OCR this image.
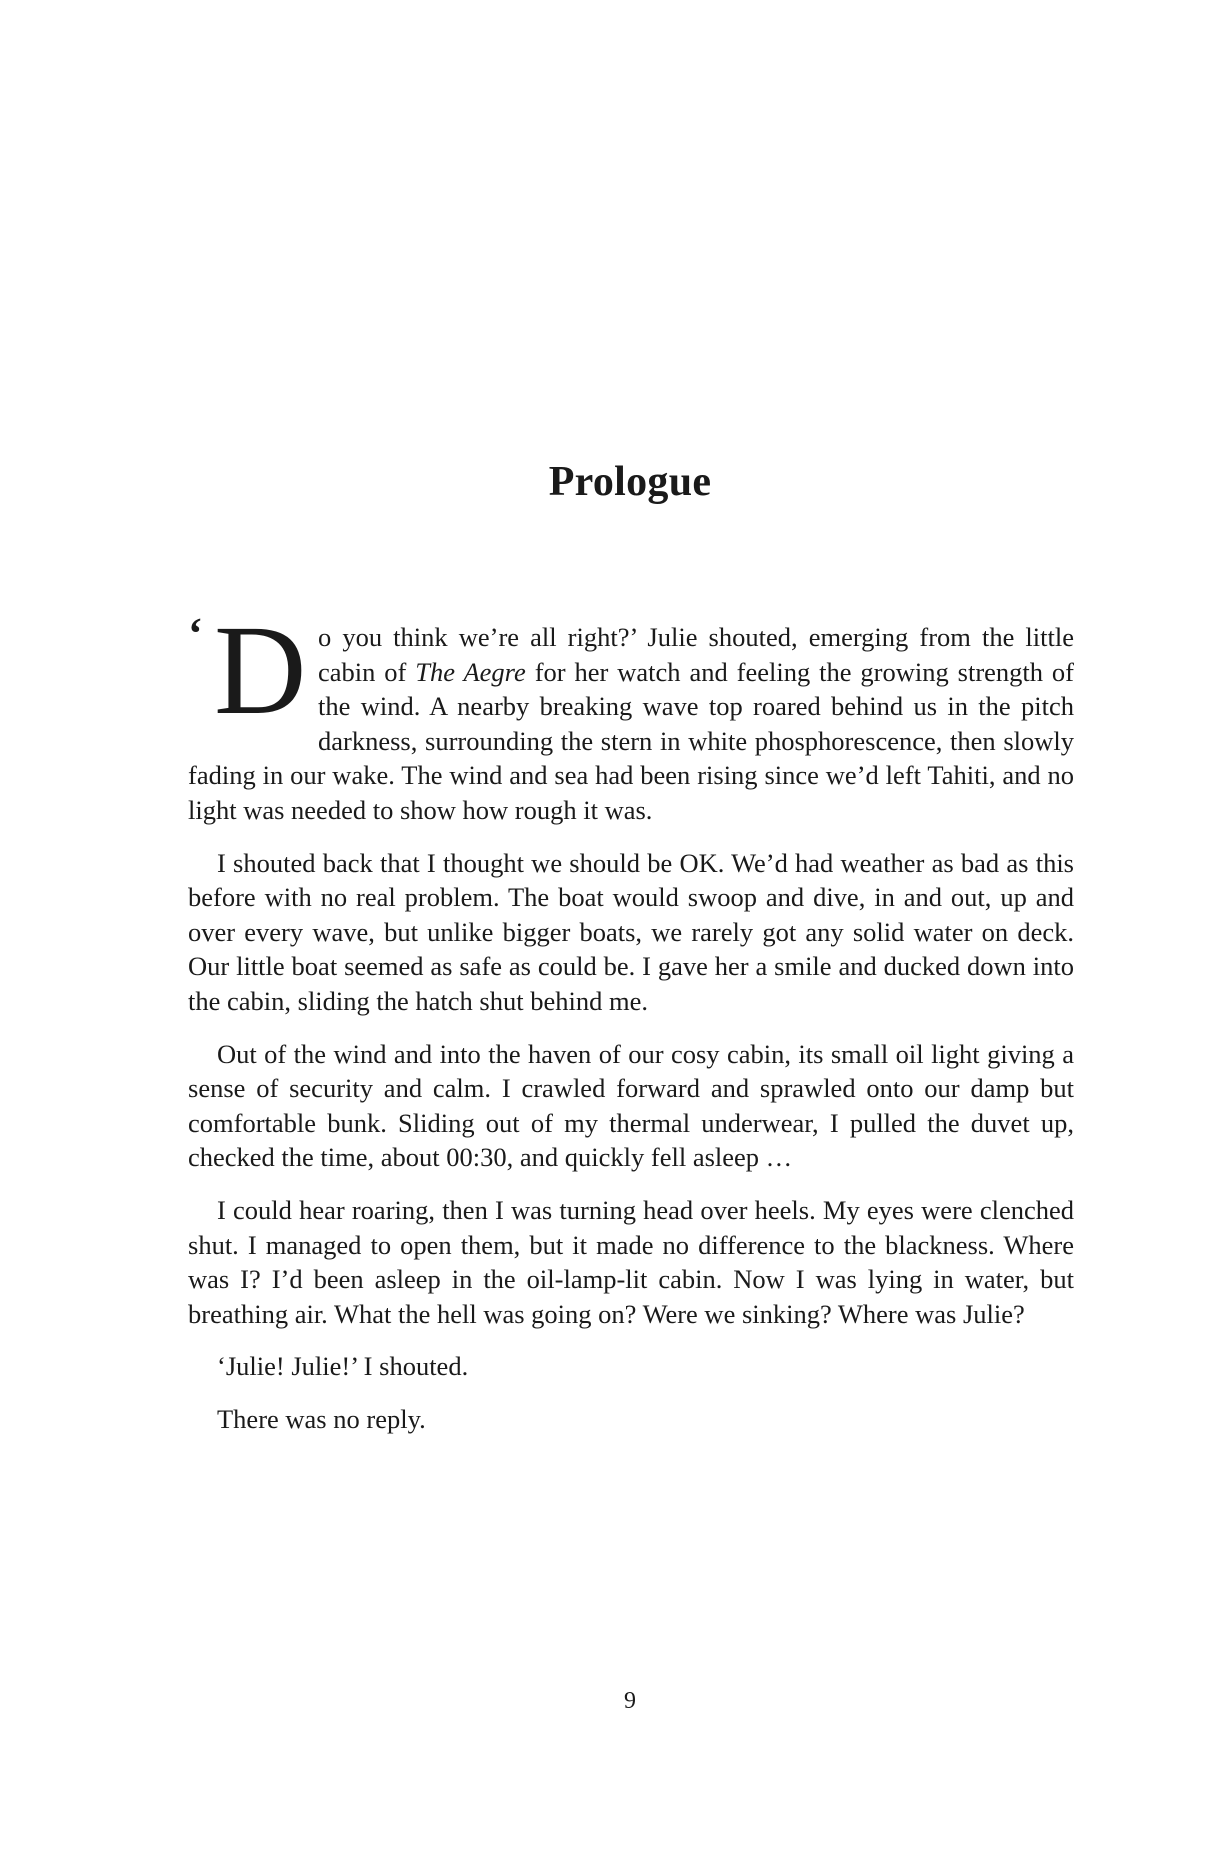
Prologue

‘ D o you think we’re all right?’ Julie shouted, emerging from the little cabin of The Aegre for her watch and feeling the growing strength of the wind. A nearby breaking wave top roared behind us in the pitch darkness, surrounding the stern in white phosphorescence, then slowly fading in our wake. The wind and sea had been rising since we’d left Tahiti, and no light was needed to show how rough it was.

I shouted back that I thought we should be OK. We’d had weather as bad as this before with no real problem. The boat would swoop and dive, in and out, up and over every wave, but unlike bigger boats, we rarely got any solid water on deck. Our little boat seemed as safe as could be. I gave her a smile and ducked down into the cabin, sliding the hatch shut behind me.

Out of the wind and into the haven of our cosy cabin, its small oil light giving a sense of security and calm. I crawled forward and sprawled onto our damp but comfortable bunk. Sliding out of my thermal underwear, I pulled the duvet up, checked the time, about 00:30, and quickly fell asleep …

I could hear roaring, then I was turning head over heels. My eyes were clenched shut. I managed to open them, but it made no difference to the blackness. Where was I? I’d been asleep in the oil-lamp-lit cabin. Now I was lying in water, but breathing air. What the hell was going on? Were we sinking? Where was Julie?

‘Julie! Julie!’ I shouted.

There was no reply.

9
